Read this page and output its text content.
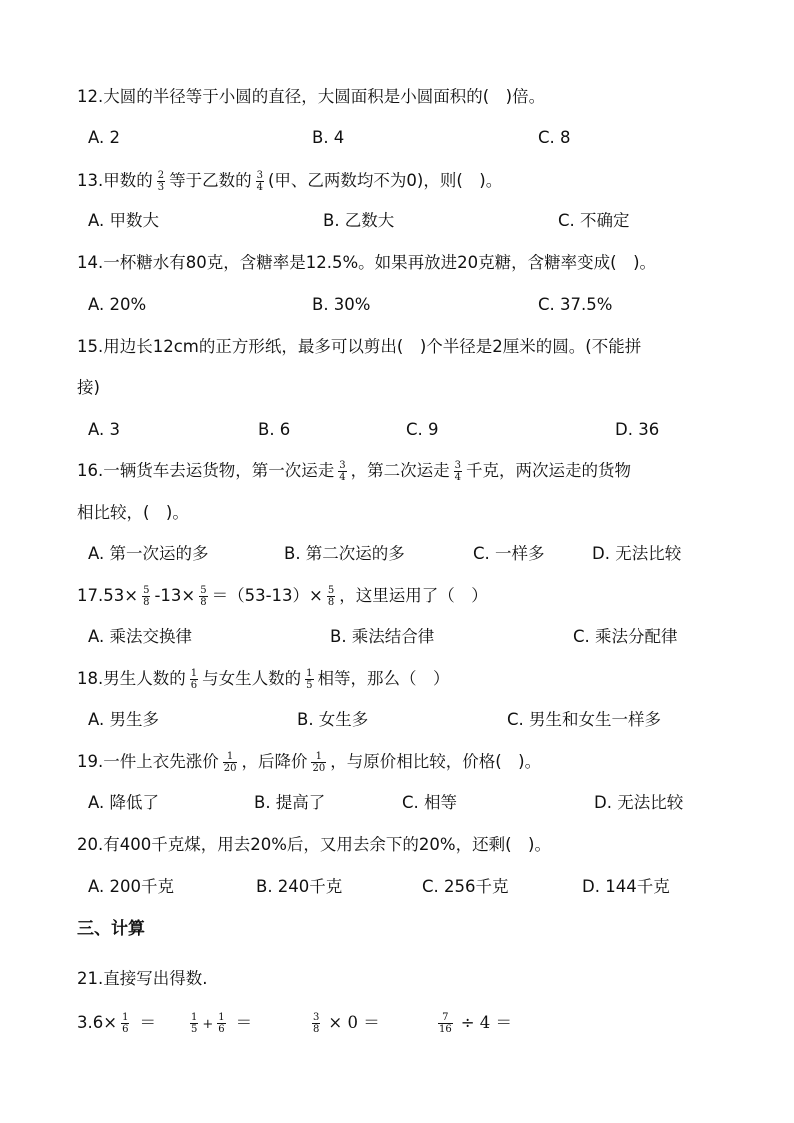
12.大圆的半径等于小圆的直径，大圆面积是小圆面积的(　)倍。
A. 2	B. 4	C. 8
13.甲数的 $\frac{2}{3}$ 等于乙数的 $\frac{3}{4}$ (甲、乙两数均不为0)，则(　)。
A. 甲数大	B. 乙数大	C. 不确定
14.一杯糖水有80克，含糖率是12.5%。如果再放进20克糖，含糖率变成(　)。
A. 20%	B. 30%	C. 37.5%
15.用边长12cm的正方形纸，最多可以剪出(　)个半径是2厘米的圆。(不能拼
接)
A. 3	B. 6	C. 9	D. 36
16.一辆货车去运货物，第一次运走 $\frac{3}{4}$ ，第二次运走 $\frac{3}{4}$ 千克，两次运走的货物
相比较，(　)。
A. 第一次运的多	B. 第二次运的多	C. 一样多	D. 无法比较
$17.53\times \frac{5}{8} -13\times \frac{5}{8} =(53-13)\times \frac{5}{8}$ ，这里运用了（　）
A. 乘法交换律	B. 乘法结合律	C. 乘法分配律
18.男生人数的 $\frac{1}{6}$ 与女生人数的 $\frac{1}{5}$ 相等，那么（　）
A. 男生多	B. 女生多	C. 男生和女生一样多
19.一件上衣先涨价 $\frac{1}{20}$ ，后降价 $\frac{1}{20}$ ，与原价相比较，价格(　)。
A. 降低了	B. 提高了	C. 相等	D. 无法比较
20.有400千克煤，用去20%后，又用去余下的20%，还剩(　)。
A. 200千克	B. 240千克	C. 256千克	D. 144千克
三、计算
21.直接写出得数.
$3.6\times \frac{1}{6}$ ＝	$\frac{1}{5} + \frac{1}{6}$ ＝	$\frac{3}{8} \times 0$ ＝	$\frac{7}{16} \div 4$ ＝
